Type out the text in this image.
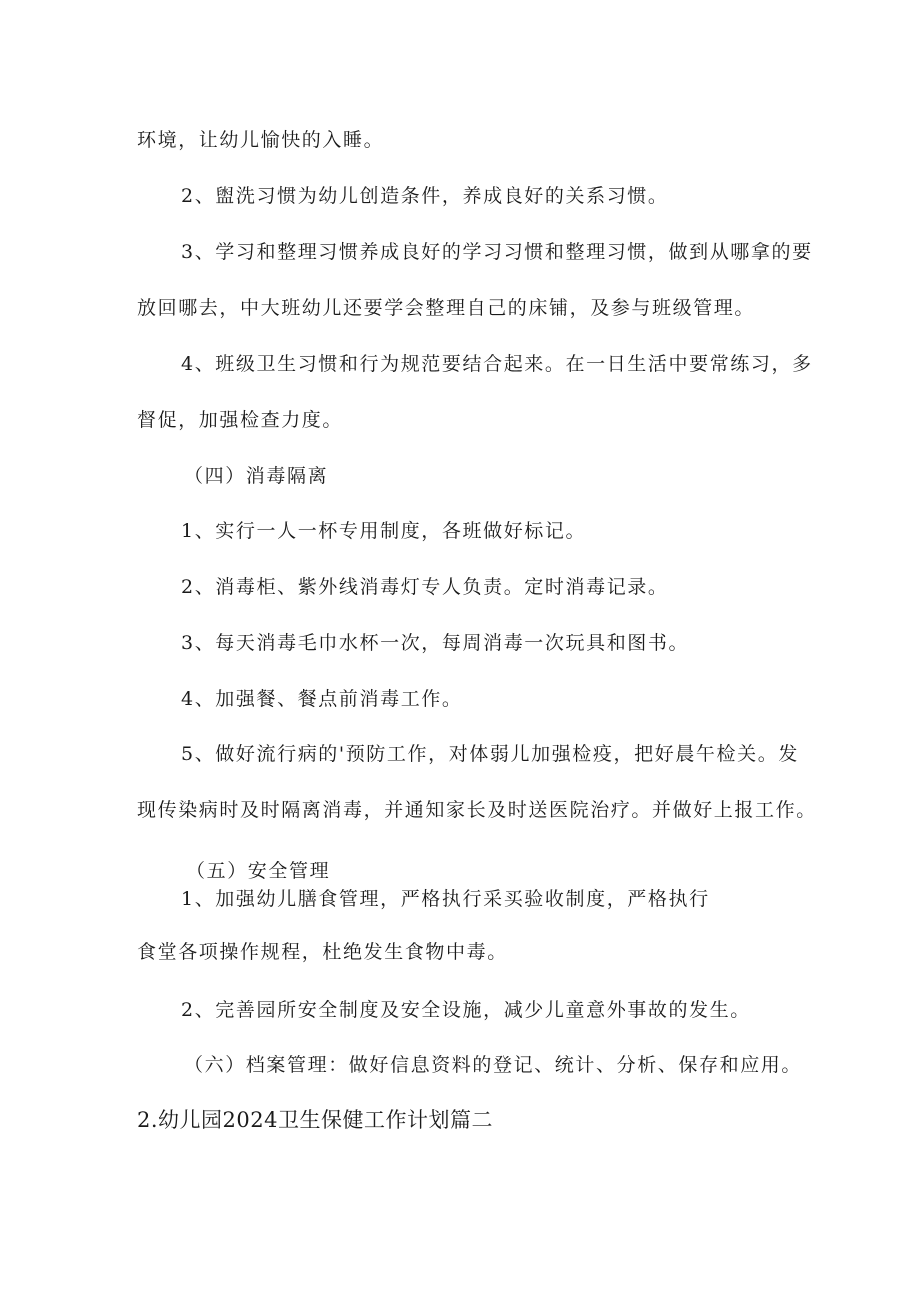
环境，让幼儿愉快的入睡。

2、盥洗习惯为幼儿创造条件，养成良好的关系习惯。

3、学习和整理习惯养成良好的学习习惯和整理习惯，做到从哪拿的要

放回哪去，中大班幼儿还要学会整理自己的床铺，及参与班级管理。

4、班级卫生习惯和行为规范要结合起来。在一日生活中要常练习，多

督促，加强检查力度。

（四）消毒隔离

1、实行一人一杯专用制度，各班做好标记。

2、消毒柜、紫外线消毒灯专人负责。定时消毒记录。

3、每天消毒毛巾水杯一次，每周消毒一次玩具和图书。

4、加强餐、餐点前消毒工作。

5、做好流行病的'预防工作，对体弱儿加强检疫，把好晨午检关。发

现传染病时及时隔离消毒，并通知家长及时送医院治疗。并做好上报工作。

（五）安全管理

1、加强幼儿膳食管理，严格执行采买验收制度，严格执行

食堂各项操作规程，杜绝发生食物中毒。

2、完善园所安全制度及安全设施，减少儿童意外事故的发生。

（六）档案管理：做好信息资料的登记、统计、分析、保存和应用。

2.幼儿园2024卫生保健工作计划篇二
